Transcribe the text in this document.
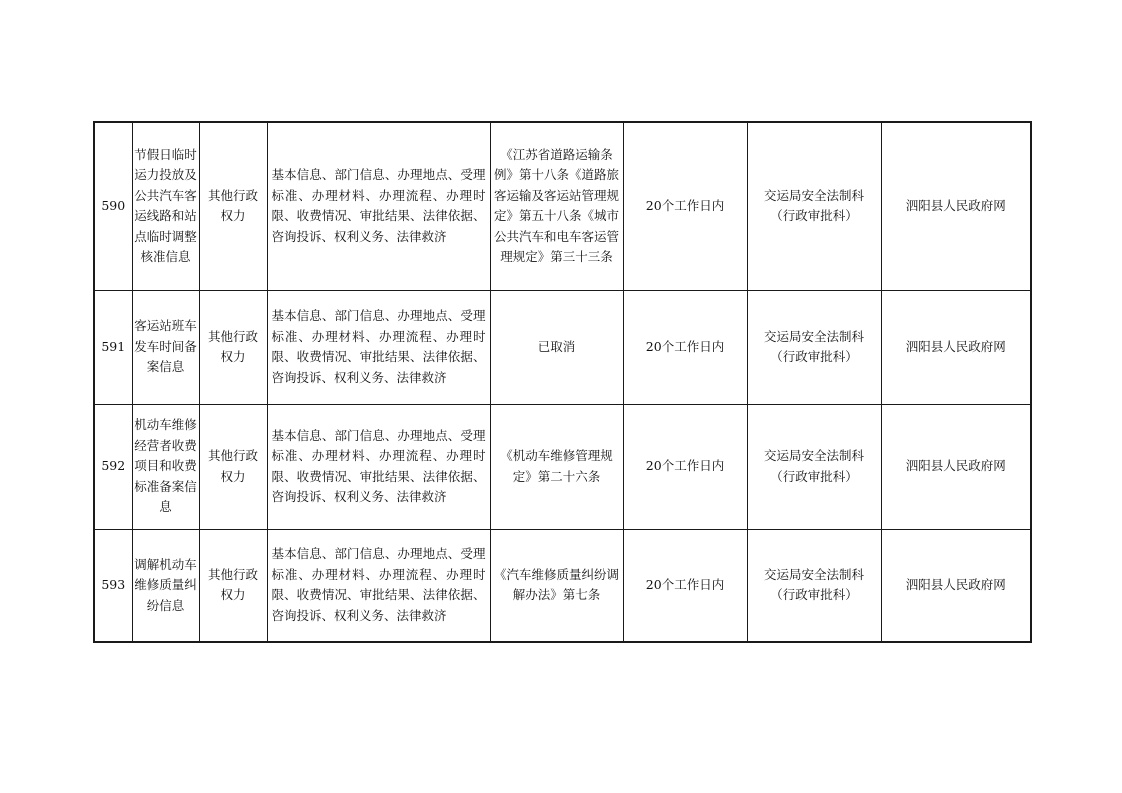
590	节假日临时运力投放及公共汽车客运线路和站点临时调整核准信息	其他行政权力	基本信息、部门信息、办理地点、受理标准、办理材料、办理流程、办理时限、收费情况、审批结果、法律依据、咨询投诉、权利义务、法律救济	《江苏省道路运输条例》第十八条《道路旅客运输及客运站管理规定》第五十八条《城市公共汽车和电车客运管理规定》第三十三条	20个工作日内	交运局安全法制科（行政审批科）	泗阳县人民政府网

591	客运站班车发车时间备案信息	其他行政权力	基本信息、部门信息、办理地点、受理标准、办理材料、办理流程、办理时限、收费情况、审批结果、法律依据、咨询投诉、权利义务、法律救济	已取消	20个工作日内	交运局安全法制科（行政审批科）	泗阳县人民政府网

592	机动车维修经营者收费项目和收费标准备案信息	其他行政权力	基本信息、部门信息、办理地点、受理标准、办理材料、办理流程、办理时限、收费情况、审批结果、法律依据、咨询投诉、权利义务、法律救济	《机动车维修管理规定》第二十六条	20个工作日内	交运局安全法制科（行政审批科）	泗阳县人民政府网

593	调解机动车维修质量纠纷信息	其他行政权力	基本信息、部门信息、办理地点、受理标准、办理材料、办理流程、办理时限、收费情况、审批结果、法律依据、咨询投诉、权利义务、法律救济	《汽车维修质量纠纷调解办法》第七条	20个工作日内	交运局安全法制科（行政审批科）	泗阳县人民政府网
